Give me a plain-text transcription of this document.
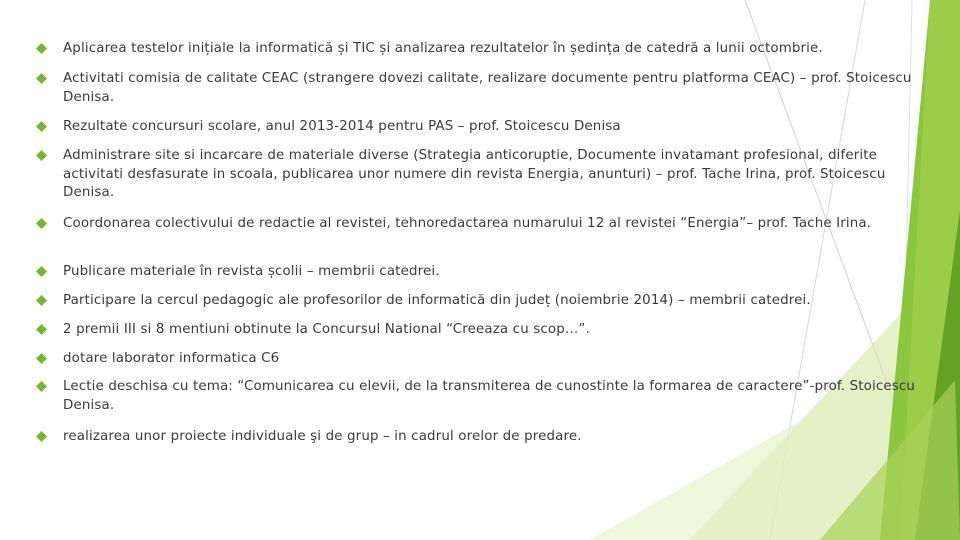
Aplicarea testelor inițiale la informatică și TIC și analizarea rezultatelor în ședința de catedră a lunii octombrie.
Activitati comisia de calitate CEAC (strangere dovezi calitate, realizare documente pentru platforma CEAC) – prof. Stoicescu Denisa.
Rezultate concursuri scolare, anul 2013-2014 pentru PAS – prof. Stoicescu Denisa
Administrare site si incarcare de materiale diverse (Strategia anticoruptie, Documente invatamant profesional, diferite activitati desfasurate in scoala, publicarea unor numere din revista Energia, anunturi) – prof. Tache Irina, prof. Stoicescu Denisa.
Coordonarea colectivului de redactie al revistei, tehnoredactarea numarului 12 al revistei “Energia”– prof. Tache Irina.
Publicare materiale în revista școlii – membrii catedrei.
Participare la cercul pedagogic ale profesorilor de informatică din județ (noiembrie 2014) – membrii catedrei.
2 premii III si 8 mentiuni obtinute la Concursul National “Creeaza cu scop…”.
dotare laborator informatica C6
Lectie deschisa cu tema: “Comunicarea cu elevii, de la transmiterea de cunostinte la formarea de caractere”-prof. Stoicescu Denisa.
realizarea unor proiecte individuale şi de grup – in cadrul orelor de predare.
